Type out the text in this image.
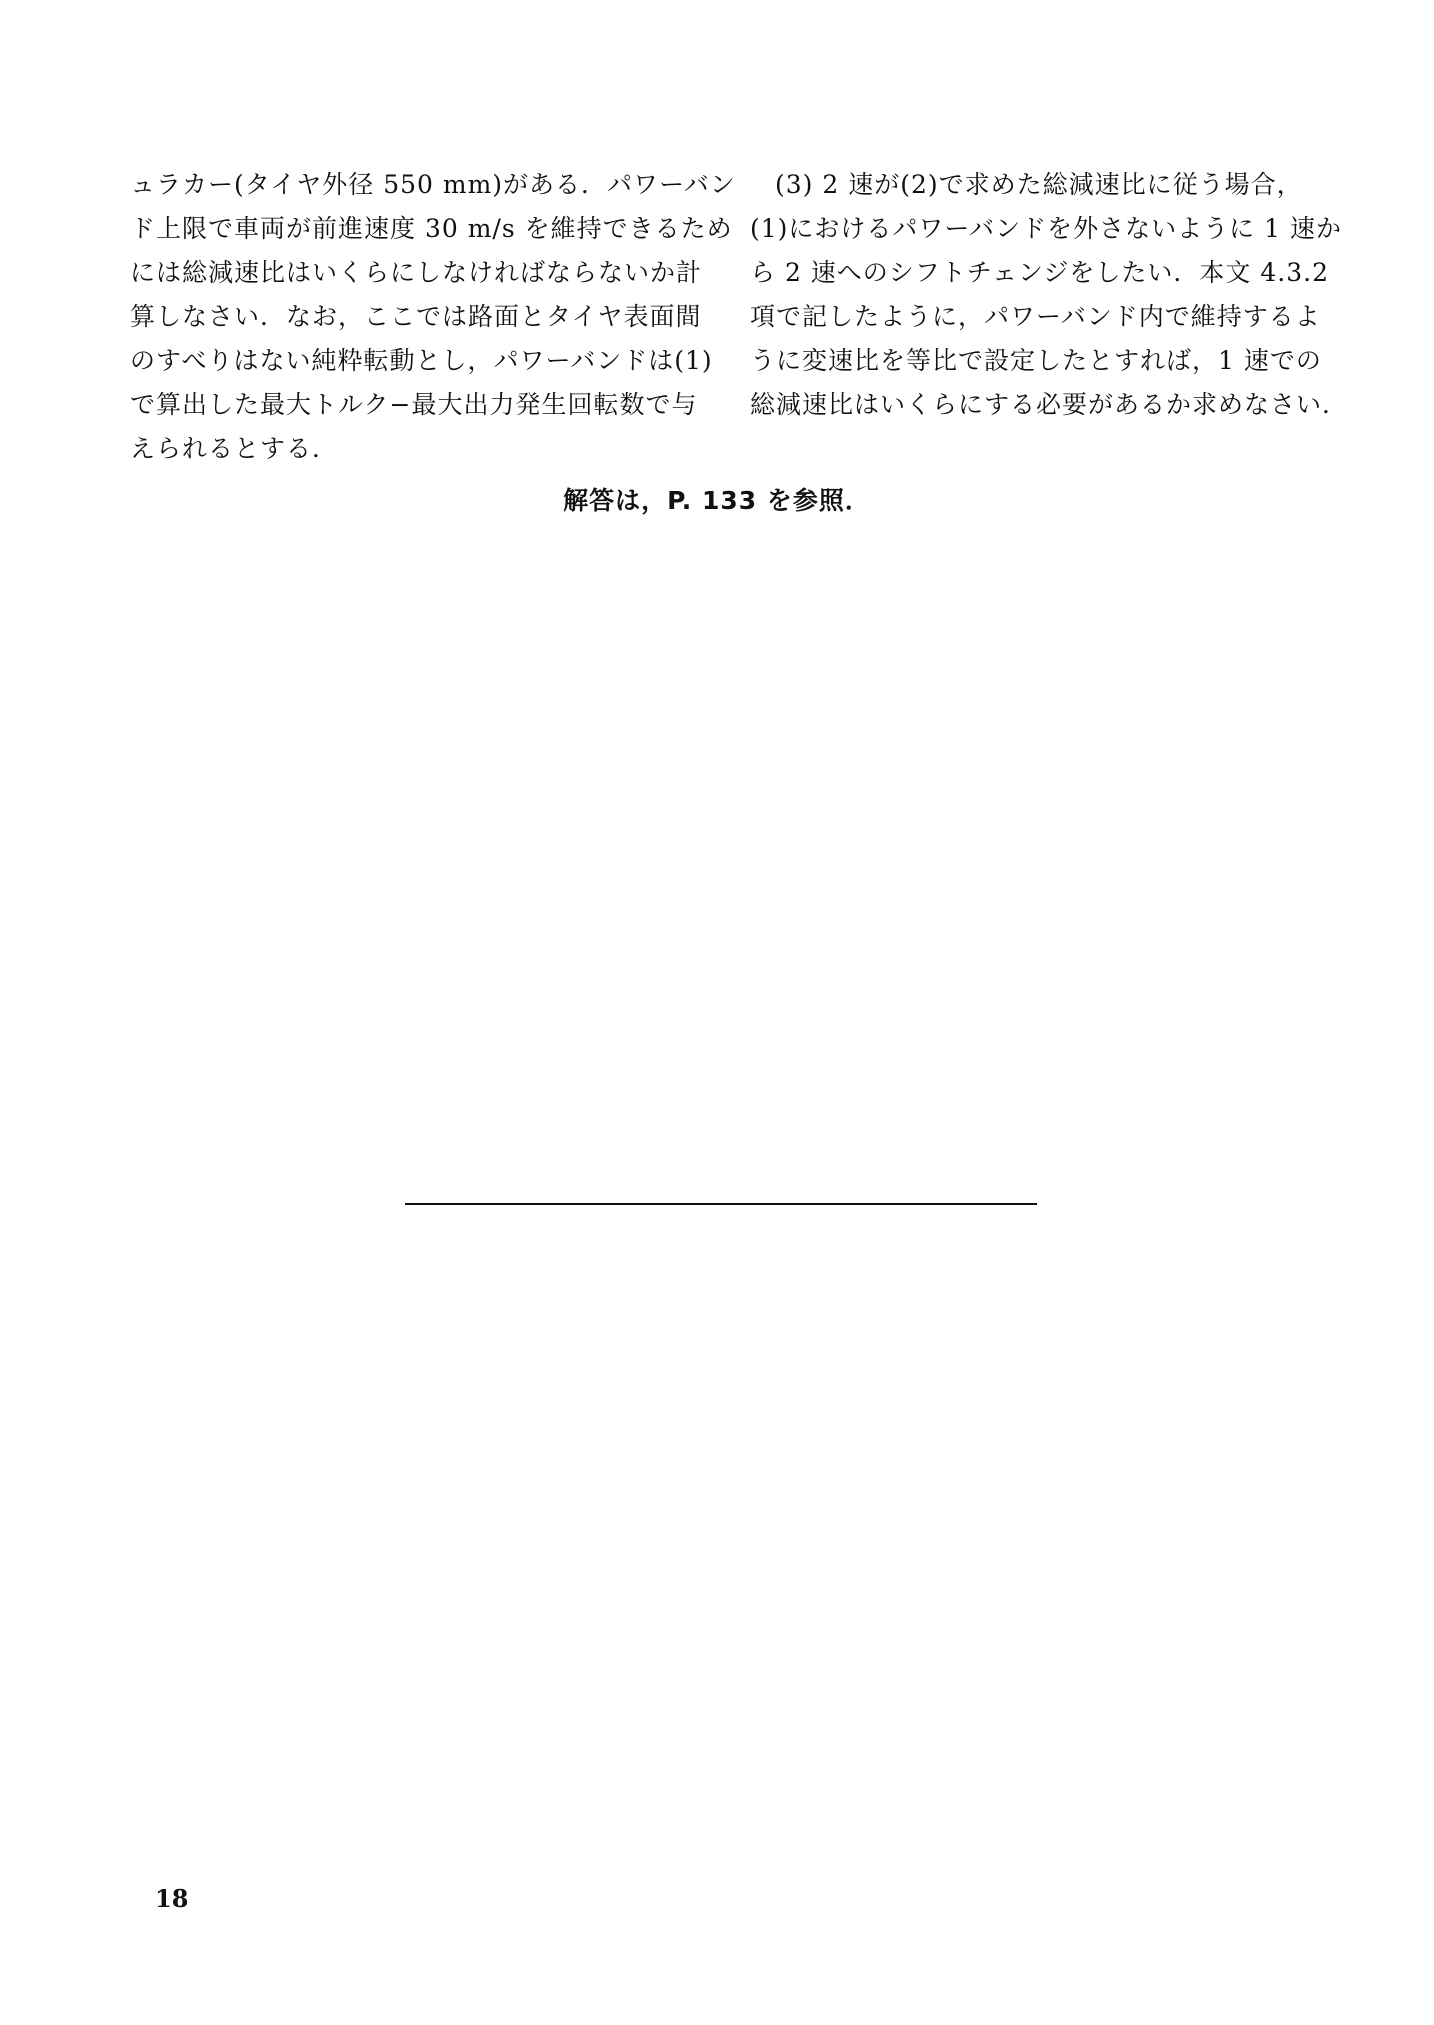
ュラカー(タイヤ外径 550 mm)がある．パワーバン
ド上限で車両が前進速度 30 m/s を維持できるため
には総減速比はいくらにしなければならないか計
算しなさい．なお，ここでは路面とタイヤ表面間
のすべりはない純粋転動とし，パワーバンドは(1)
で算出した最大トルク−最大出力発生回転数で与
えられるとする．
(3) 2 速が(2)で求めた総減速比に従う場合，
(1)におけるパワーバンドを外さないように 1 速か
ら 2 速へのシフトチェンジをしたい．本文 4.3.2
項で記したように，パワーバンド内で維持するよ
うに変速比を等比で設定したとすれば，1 速での
総減速比はいくらにする必要があるか求めなさい．
解答は，P. 133 を参照．
18
